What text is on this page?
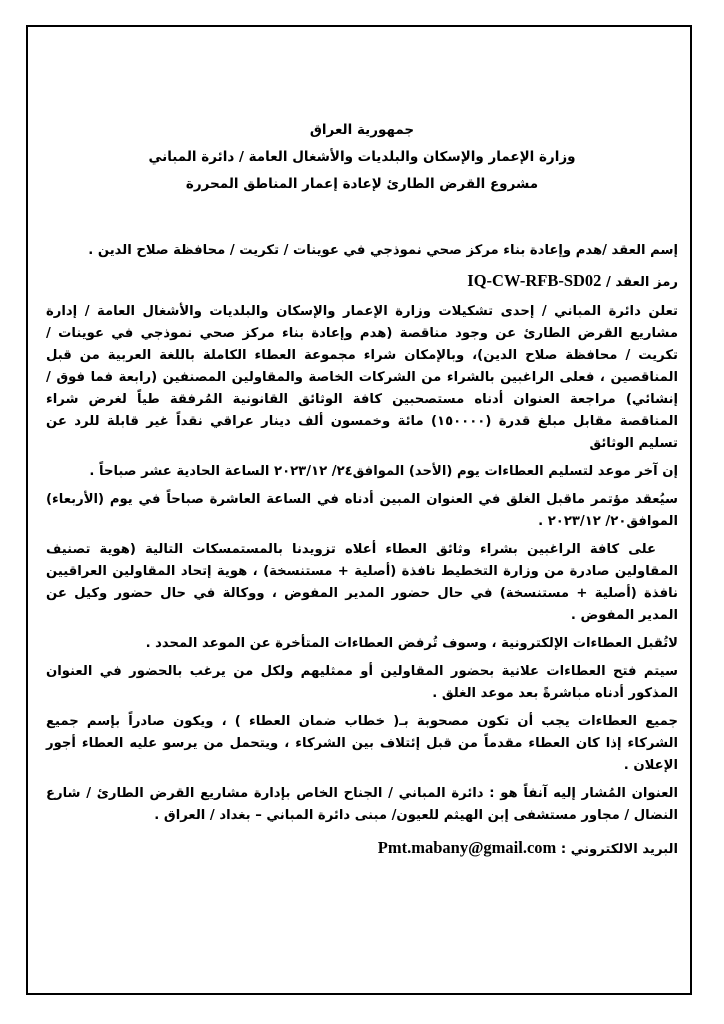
جمهورية العراق
وزارة الإعمار والإسكان والبلديات والأشغال العامة / دائرة المباني
مشروع القرض الطارئ لإعادة إعمار المناطق المحررة
إسم العقد /هدم وإعادة بناء مركز صحي نموذجي في عوينات / تكريت / محافظة صلاح الدين .
رمز العقد / IQ-CW-RFB-SD02

تعلن دائرة المباني / إحدى تشكيلات وزارة الإعمار والإسكان والبلديات والأشغال العامة / إدارة مشاريع القرض الطارئ عن وجود مناقصة (هدم وإعادة بناء مركز صحي نموذجي في عوينات / تكريت / محافظة صلاح الدين)، وبالإمكان شراء مجموعة العطاء الكاملة باللغة العربية من قبل المناقصين ، فعلى الراغبين بالشراء من الشركات الخاصة والمقاولين المصنفين (رابعة فما فوق / إنشائي) مراجعة العنوان أدناه مستصحبين كافة الوثائق القانونية المُرفقة طياً لغرض شراء المناقصة مقابل مبلغ قدرة (١٥٠٠٠٠) مائة وخمسون ألف دينار عراقي نقداً غير قابلة للرد عن تسليم الوثائق

إن آخر موعد لتسليم العطاءات يوم (الأحد) الموافق٢٤/ ٢٠٢٣/١٢ الساعة الحادية عشر صباحاً .

سيُعقد مؤتمر ماقبل الغلق في العنوان المبين أدناه في الساعة العاشرة صباحاً في يوم (الأربعاء) الموافق٢٠/ ٢٠٢٣/١٢ .

على كافة الراغبين بشراء وثائق العطاء أعلاه تزويدنا بالمستمسكات التالية (هوية تصنيف المقاولين صادرة من وزارة التخطيط نافذة (أصلية + مستنسخة) ، هوية إتحاد المقاولين العراقيين نافذة (أصلية + مستنسخة) في حال حضور المدير المفوض ، ووكالة في حال حضور وكيل عن المدير المفوض .

لاتُقبل العطاءات الإلكترونية ، وسوف تُرفض العطاءات المتأخرة عن الموعد المحدد .

سيتم فتح العطاءات علانية بحضور المقاولين أو ممثليهم ولكل من يرغب بالحضور في العنوان المذكور أدناه مباشرةً بعد موعد الغلق .

جميع العطاءات يجب أن تكون مصحوبة بـ( خطاب ضمان العطاء ) ، ويكون صادراً بإسم جميع الشركاء إذا كان العطاء مقدماً من قبل إئتلاف بين الشركاء ، ويتحمل من يرسو عليه العطاء أجور الإعلان .

العنوان المُشار إليه آنفاً هو : دائرة المباني / الجناح الخاص بإدارة مشاريع القرض الطارئ / شارع النضال / مجاور مستشفى إبن الهيثم للعيون/ مبنى دائرة المباني – بغداد / العراق .

البريد الالكتروني : Pmt.mabany@gmail.com
